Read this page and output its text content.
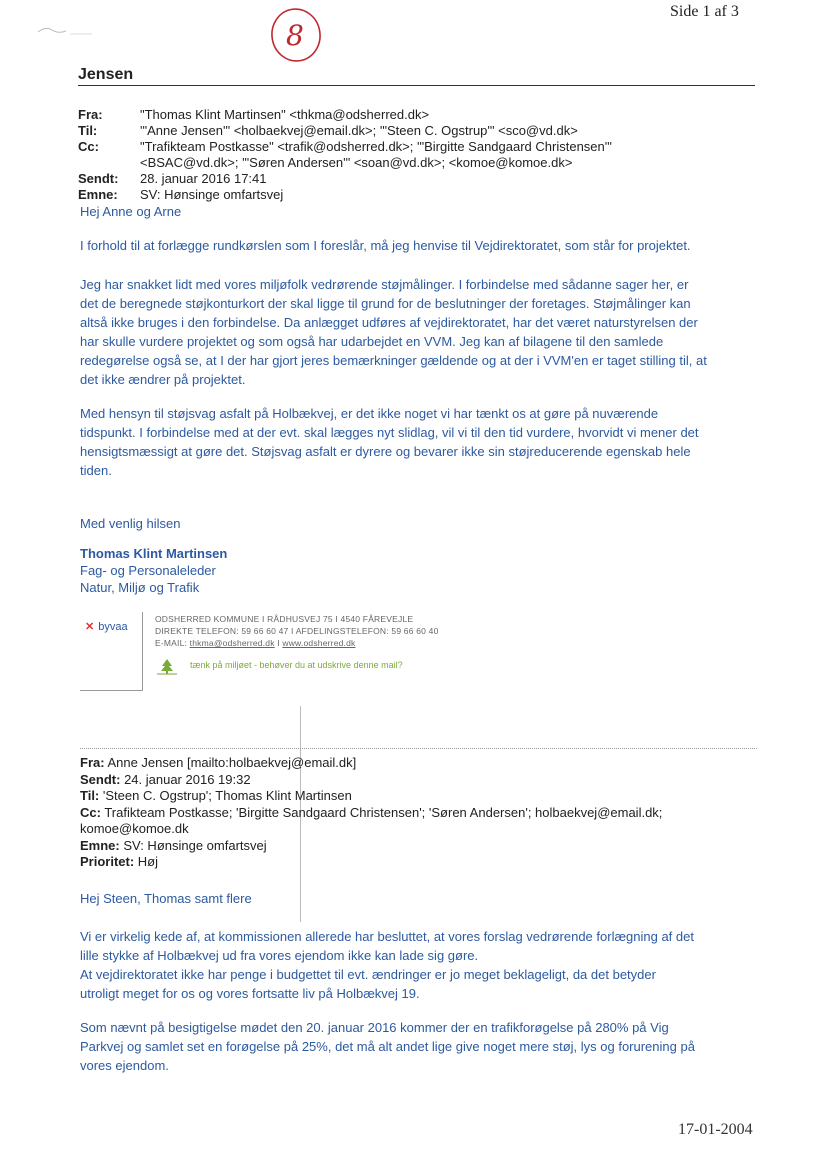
Side 1 af 3
8
Jensen
Fra:	"Thomas Klint Martinsen" <thkma@odsherred.dk>
Til:	'"Anne Jensen'" <holbaekvej@email.dk>; '"Steen C. Ogstrup'" <sco@vd.dk>
Cc:	"Trafikteam Postkasse" <trafik@odsherred.dk>; '"Birgitte Sandgaard Christensen'"
<BSAC@vd.dk>; '"Søren Andersen'" <soan@vd.dk>; <komoe@komoe.dk>
Sendt: 28. januar 2016 17:41
Emne: SV: Hønsinge omfartsvej
Hej Anne og Arne
I forhold til at forlægge rundkørslen som I foreslår, må jeg henvise til Vejdirektoratet, som står for projektet.
Jeg har snakket lidt med vores miljøfolk vedrørende støjmålinger. I forbindelse med sådanne sager her, er
det de beregnede støjkonturkort der skal ligge til grund for de beslutninger der foretages. Støjmålinger kan
altså ikke bruges i den forbindelse. Da anlægget udføres af vejdirektoratet, har det været naturstyrelsen der
har skulle vurdere projektet og som også har udarbejdet en VVM. Jeg kan af bilagene til den samlede
redegørelse også se, at I der har gjort jeres bemærkninger gældende og at der i VVM'en er taget stilling til, at
det ikke ændrer på projektet.
Med hensyn til støjsvag asfalt på Holbækvej, er det ikke noget vi har tænkt os at gøre på nuværende
tidspunkt. I forbindelse med at der evt. skal lægges nyt slidlag, vil vi til den tid vurdere, hvorvidt vi mener det
hensigtsmæssigt at gøre det. Støjsvag asfalt er dyrere og bevarer ikke sin støjreducerende egenskab hele
tiden.
Med venlig hilsen
Thomas Klint Martinsen
Fag- og Personaleleder
Natur, Miljø og Trafik
✕ byvaa
ODSHERRED KOMMUNE I RÅDHUSVEJ 75 I 4540 FÅREVEJLE
DIREKTE TELEFON: 59 66 60 47 I AFDELINGSTELEFON: 59 66 60 40
E-MAIL: thkma@odsherred.dk I www.odsherred.dk
tænk på miljøet - behøver du at udskrive denne mail?
Fra: Anne Jensen [mailto:holbaekvej@email.dk]
Sendt: 24. januar 2016 19:32
Til: 'Steen C. Ogstrup'; Thomas Klint Martinsen
Cc: Trafikteam Postkasse; 'Birgitte Sandgaard Christensen'; 'Søren Andersen'; holbaekvej@email.dk;
komoe@komoe.dk
Emne: SV: Hønsinge omfartsvej
Prioritet: Høj
Hej Steen, Thomas samt flere
Vi er virkelig kede af, at kommissionen allerede har besluttet, at vores forslag vedrørende forlægning af det
lille stykke af Holbækvej ud fra vores ejendom ikke kan lade sig gøre.
At vejdirektoratet ikke har penge i budgettet til evt. ændringer er jo meget beklageligt, da det betyder
utroligt meget for os og vores fortsatte liv på Holbækvej 19.
Som nævnt på besigtigelse mødet den 20. januar 2016 kommer der en trafikforøgelse på 280% på Vig
Parkvej og samlet set en forøgelse på 25%, det må alt andet lige give noget mere støj, lys og forurening på
vores ejendom.
17-01-2004
